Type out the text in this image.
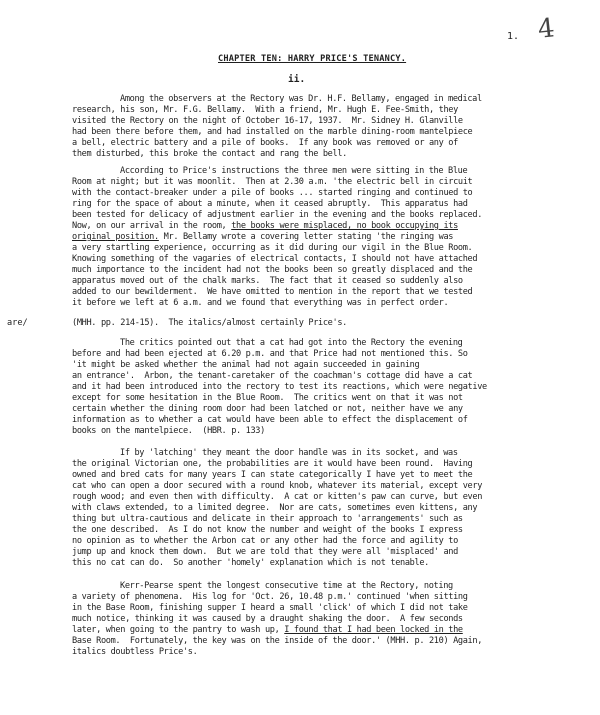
1. 4
CHAPTER TEN: HARRY PRICE'S TENANCY.
ii.
Among the observers at the Rectory was Dr. H.F. Bellamy, engaged in medical
research, his son, Mr. F.G. Bellamy.  With a friend, Mr. Hugh E. Fee-Smith, they
visited the Rectory on the night of October 16-17, 1937.  Mr. Sidney H. Glanville
had been there before them, and had installed on the marble dining-room mantelpiece
a bell, electric battery and a pile of books.  If any book was removed or any of
them disturbed, this broke the contact and rang the bell.
According to Price's instructions the three men were sitting in the Blue
Room at night; but it was moonlit.  Then at 2.30 a.m. 'the electric bell in circuit
with the contact-breaker under a pile of books ... started ringing and continued to
ring for the space of about a minute, when it ceased abruptly.  This apparatus had
been tested for delicacy of adjustment earlier in the evening and the books replaced.
Now, on our arrival in the room, the books were misplaced, no book occupying its
original position. Mr. Bellamy wrote a covering letter stating 'the ringing was
a very startling experience, occurring as it did during our vigil in the Blue Room.
Knowing something of the vagaries of electrical contacts, I should not have attached
much importance to the incident had not the books been so greatly displaced and the
apparatus moved out of the chalk marks.  The fact that it ceased so suddenly also
added to our bewilderment.  We have omitted to mention in the report that we tested
it before we left at 6 a.m. and we found that everything was in perfect order.
are/	(MHH. pp. 214-15).  The italics/almost certainly Price's.
The critics pointed out that a cat had got into the Rectory the evening
before and had been ejected at 6.20 p.m. and that Price had not mentioned this. So
'it might be asked whether the animal had not again succeeded in gaining
an entrance'.  Arbon, the tenant-caretaker of the coachman's cottage did have a cat
and it had been introduced into the rectory to test its reactions, which were negative
except for some hesitation in the Blue Room.  The critics went on that it was not
certain whether the dining room door had been latched or not, neither have we any
information as to whether a cat would have been able to effect the displacement of
books on the mantelpiece.  (HBR. p. 133)
If by 'latching' they meant the door handle was in its socket, and was
the original Victorian one, the probabilities are it would have been round.  Having
owned and bred cats for many years I can state categorically I have yet to meet the
cat who can open a door secured with a round knob, whatever its material, except very
rough wood; and even then with difficulty.  A cat or kitten's paw can curve, but even
with claws extended, to a limited degree.  Nor are cats, sometimes even kittens, any
thing but ultra-cautious and delicate in their approach to 'arrangements' such as
the one described.  As I do not know the number and weight of the books I express
no opinion as to whether the Arbon cat or any other had the force and agility to
jump up and knock them down.  But we are told that they were all 'misplaced' and
this no cat can do.  So another 'homely' explanation which is not tenable.
Kerr-Pearse spent the longest consecutive time at the Rectory, noting
a variety of phenomena.  His log for 'Oct. 26, 10.48 p.m.' continued 'when sitting
in the Base Room, finishing supper I heard a small 'click' of which I did not take
much notice, thinking it was caused by a draught shaking the door.  A few seconds
later, when going to the pantry to wash up, I found that I had been locked in the
Base Room.  Fortunately, the key was on the inside of the door.' (MHH. p. 210) Again,
italics doubtless Price's.
